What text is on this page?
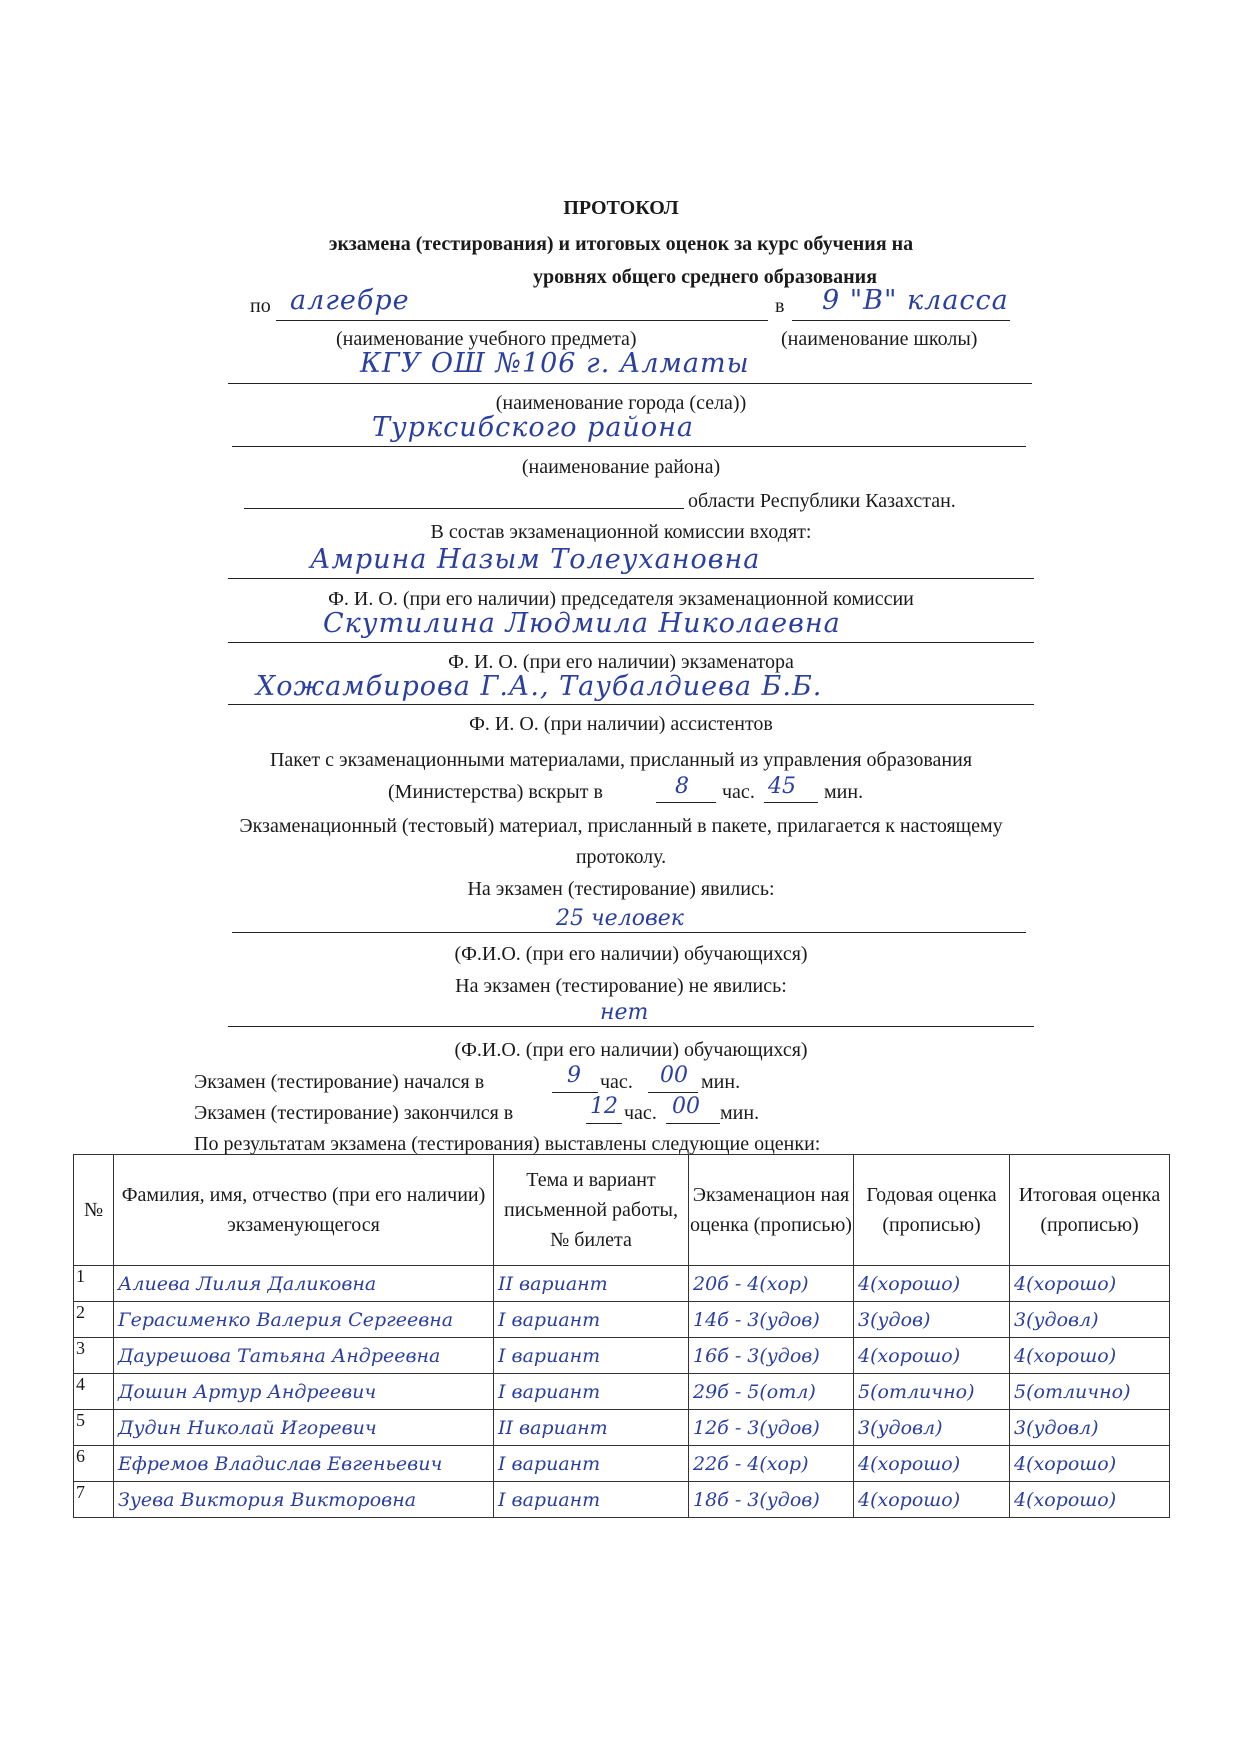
ПРОТОКОЛ
экзамена (тестирования) и итоговых оценок за курс обучения на
уровнях общего среднего образования
по алгебре	в 9 "В" класса
(наименование учебного предмета)	(наименование школы)
КГУ ОШ №106 г. Алматы
(наименование города (села))
Турксибского района
(наименование района)
области Республики Казахстан.
В состав экзаменационной комиссии входят:
Амрина Назым Толеухановна
Ф. И. О. (при его наличии) председателя экзаменационной комиссии
Скутилина Людмила Николаевна
Ф. И. О. (при его наличии) экзаменатора
Хожамбирова Г.А., Таубалдиева Б.Б.
Ф. И. О. (при наличии) ассистентов
Пакет с экзаменационными материалами, присланный из управления образования
(Министерства) вскрыт в	8 час. 45 мин.
Экзаменационный (тестовый) материал, присланный в пакете, прилагается к настоящему
протоколу.
На экзамен (тестирование) явились:
25 человек
(Ф.И.О. (при его наличии) обучающихся)
На экзамен (тестирование) не явились:
нет
(Ф.И.О. (при его наличии) обучающихся)
Экзамен (тестирование) начался в	9 час. 00 мин.
Экзамен (тестирование) закончился в	12 час. 00 мин.
По результатам экзамена (тестирования) выставлены следующие оценки:
№	Фамилия, имя, отчество (при его наличии) экзаменующегося	Тема и вариант письменной работы, № билета	Экзаменацион ная оценка (прописью)	Годовая оценка (прописью)	Итоговая оценка (прописью)
1	Алиева Лилия Даликовна	II вариант	20б - 4(хор)	4(хорошо)	4(хорошо)
2	Герасименко Валерия Сергеевна	I вариант	14б - 3(удов)	3(удов)	3(удовл)
3	Даурешова Татьяна Андреевна	I вариант	16б - 3(удов)	4(хорошо)	4(хорошо)
4	Дошин Артур Андреевич	I вариант	29б - 5(отл)	5(отлично)	5(отлично)
5	Дудин Николай Игоревич	II вариант	12б - 3(удов)	3(удовл)	3(удовл)
6	Ефремов Владислав Евгеньевич	I вариант	22б - 4(хор)	4(хорошо)	4(хорошо)
7	Зуева Виктория Викторовна	I вариант	18б - 3(удов)	4(хорошо)	4(хорошо)
